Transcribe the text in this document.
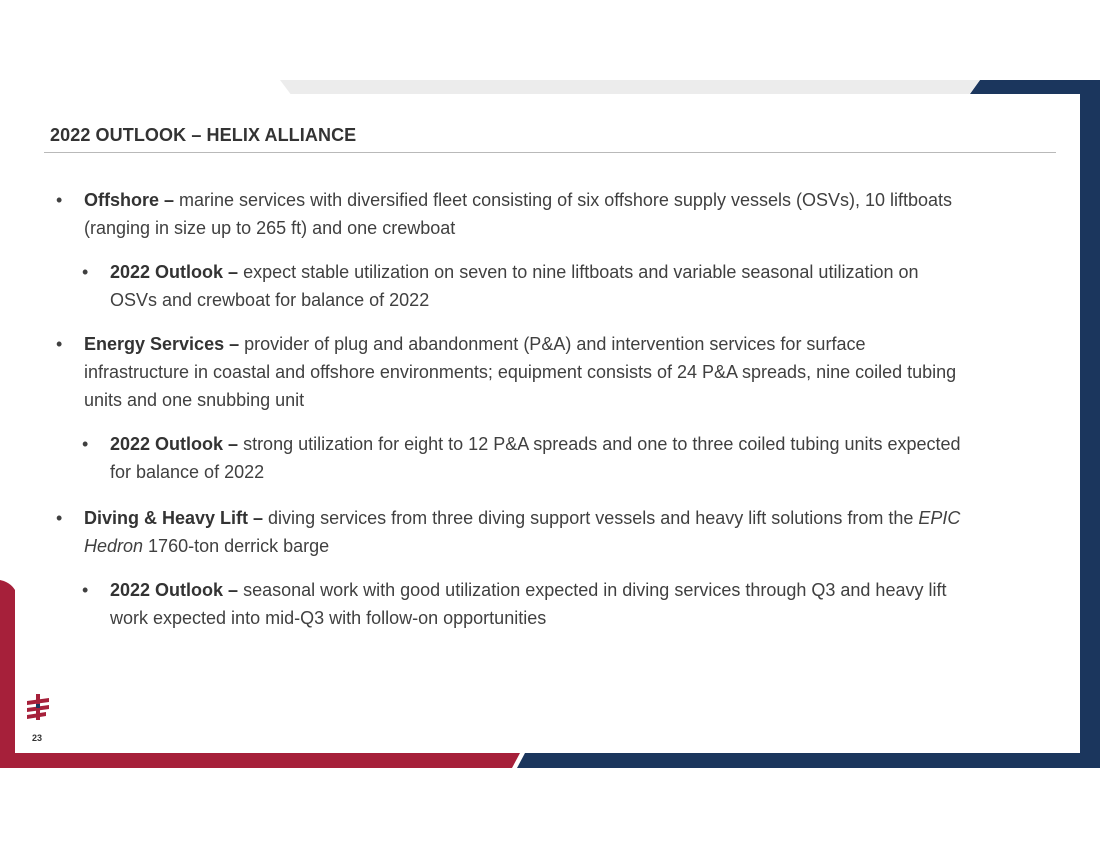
2022 OUTLOOK – HELIX ALLIANCE
•	Offshore – marine services with diversified fleet consisting of six offshore supply vessels (OSVs), 10 liftboats (ranging in size up to 265 ft) and one crewboat
•	2022 Outlook – expect stable utilization on seven to nine liftboats and variable seasonal utilization on OSVs and crewboat for balance of 2022
•	Energy Services – provider of plug and abandonment (P&A) and intervention services for surface infrastructure in coastal and offshore environments; equipment consists of 24 P&A spreads, nine coiled tubing units and one snubbing unit
•	2022 Outlook – strong utilization for eight to 12 P&A spreads and one to three coiled tubing units expected for balance of 2022
•	Diving & Heavy Lift – diving services from three diving support vessels and heavy lift solutions from the EPIC Hedron 1760-ton derrick barge
•	2022 Outlook – seasonal work with good utilization expected in diving services through Q3 and heavy lift work expected into mid-Q3 with follow-on opportunities
23
